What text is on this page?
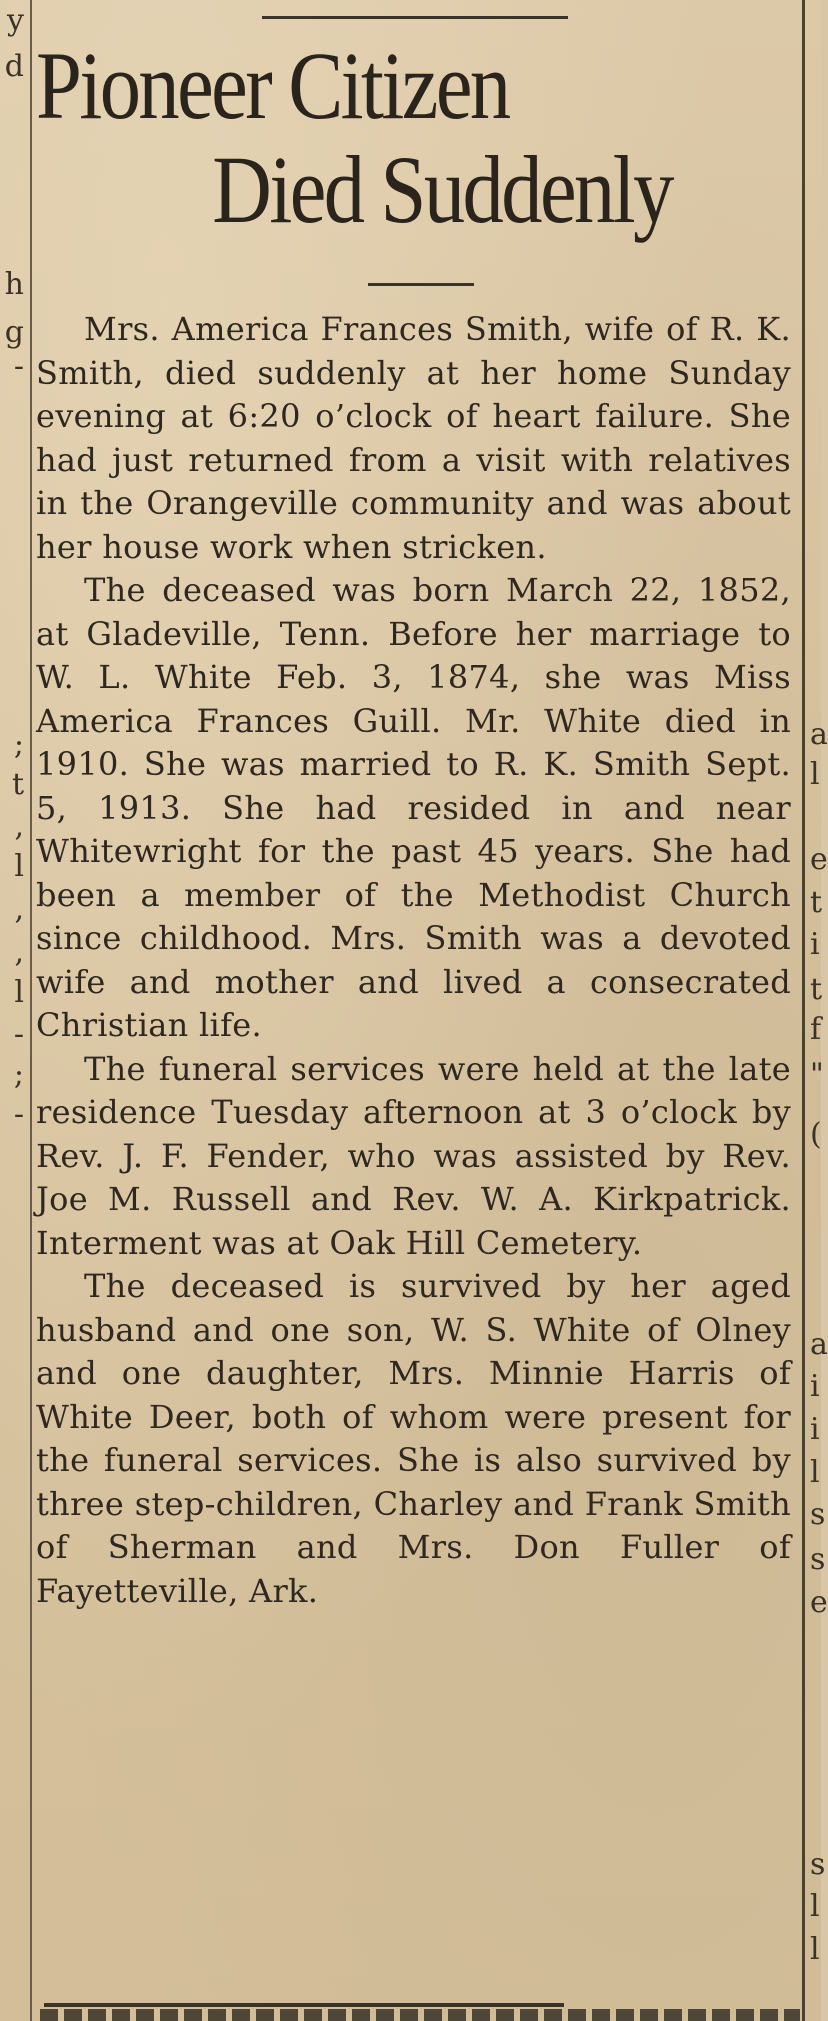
y
d
h
g
-
;
t
,
l
,
,
l
-
;
-
a
l
e
t
i
t
f
"
(
a
i
i
l
s
s
e
s
l
l
Pioneer Citizen
Died Suddenly

Mrs. America Frances Smith, wife of R. K. Smith, died suddenly at her home Sunday evening at 6:20 o’clock of heart failure. She had just returned from a visit with relatives in the Orangeville community and was about her house work when stricken.

The deceased was born March 22, 1852, at Gladeville, Tenn. Before her marriage to W. L. White Feb. 3, 1874, she was Miss America Frances Guill. Mr. White died in 1910. She was married to R. K. Smith Sept. 5, 1913. She had resided in and near Whitewright for the past 45 years. She had been a member of the Methodist Church since childhood. Mrs. Smith was a devoted wife and mother and lived a consecrated Christian life.

The funeral services were held at the late residence Tuesday afternoon at 3 o’clock by Rev. J. F. Fender, who was assisted by Rev. Joe M. Russell and Rev. W. A. Kirkpatrick. Interment was at Oak Hill Cemetery.

The deceased is survived by her aged husband and one son, W. S. White of Olney and one daughter, Mrs. Minnie Harris of White Deer, both of whom were present for the funeral services. She is also survived by three step-children, Charley and Frank Smith of Sherman and Mrs. Don Fuller of Fayetteville, Ark.
